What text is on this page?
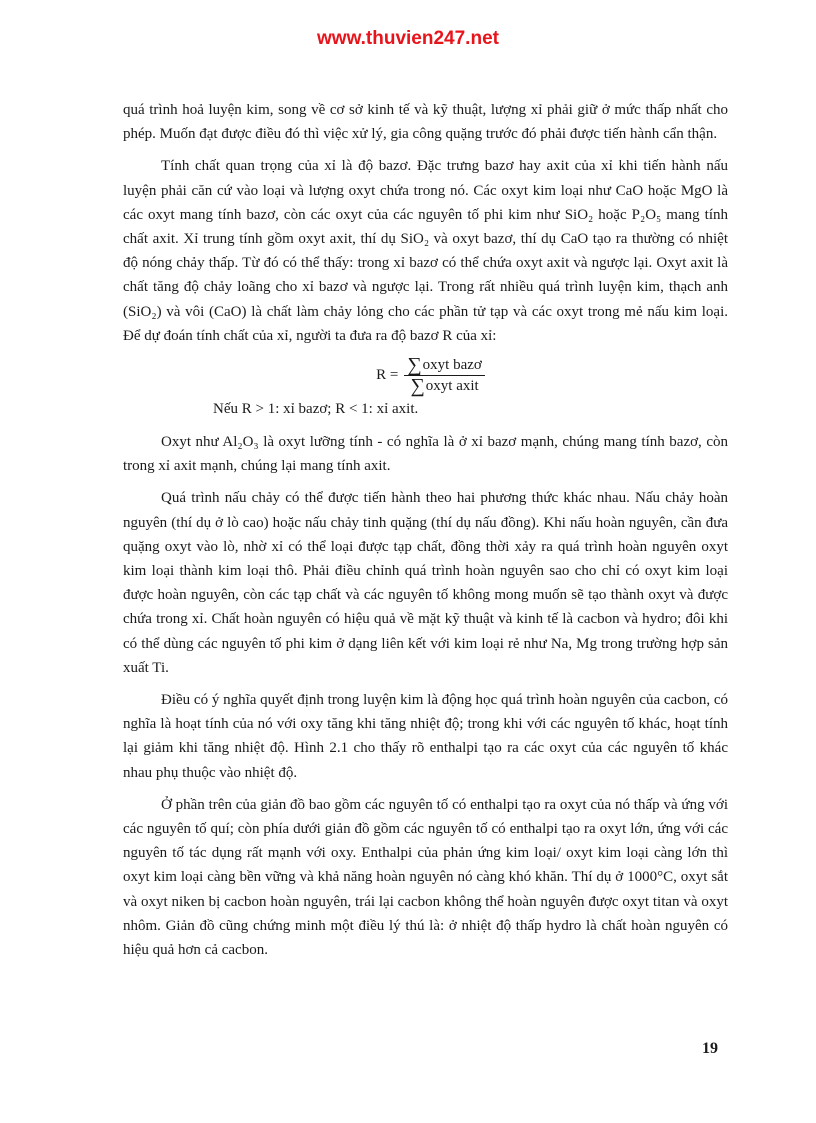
www.thuvien247.net

quá trình hoả luyện kim, song về cơ sở kinh tế và kỹ thuật, lượng xỉ phải giữ ở mức thấp nhất cho phép. Muốn đạt được điều đó thì việc xử lý, gia công quặng trước đó phải được tiến hành cẩn thận.

Tính chất quan trọng của xỉ là độ bazơ. Đặc trưng bazơ hay axit của xỉ khi tiến hành nấu luyện phải căn cứ vào loại và lượng oxyt chứa trong nó. Các oxyt kim loại như CaO hoặc MgO là các oxyt mang tính bazơ, còn các oxyt của các nguyên tố phi kim như SiO₂ hoặc P₂O₅ mang tính chất axit. Xỉ trung tính gồm oxyt axit, thí dụ SiO₂ và oxyt bazơ, thí dụ CaO tạo ra thường có nhiệt độ nóng chảy thấp. Từ đó có thể thấy: trong xỉ bazơ có thể chứa oxyt axit và ngược lại. Oxyt axit là chất tăng độ chảy loãng cho xỉ bazơ và ngược lại. Trong rất nhiều quá trình luyện kim, thạch anh (SiO₂) và vôi (CaO) là chất làm chảy lỏng cho các phần tử tạp và các oxyt trong mẻ nấu kim loại. Để dự đoán tính chất của xỉ, người ta đưa ra độ bazơ R của xỉ:

$R = \frac{\text{∑oxyt bazơ}}{\text{∑oxyt axit}}$
Nếu R > 1: xỉ bazơ; R < 1: xỉ axit.

Oxyt như Al₂O₃ là oxyt lưỡng tính - có nghĩa là ở xỉ bazơ mạnh, chúng mang tính bazơ, còn trong xỉ axit mạnh, chúng lại mang tính axit.

Quá trình nấu chảy có thể được tiến hành theo hai phương thức khác nhau. Nấu chảy hoàn nguyên (thí dụ ở lò cao) hoặc nấu chảy tinh quặng (thí dụ nấu đồng). Khi nấu hoàn nguyên, cần đưa quặng oxyt vào lò, nhờ xỉ có thể loại được tạp chất, đồng thời xảy ra quá trình hoàn nguyên oxyt kim loại thành kim loại thô. Phải điều chỉnh quá trình hoàn nguyên sao cho chỉ có oxyt kim loại được hoàn nguyên, còn các tạp chất và các nguyên tố không mong muốn sẽ tạo thành oxyt và được chứa trong xỉ. Chất hoàn nguyên có hiệu quả về mặt kỹ thuật và kinh tế là cacbon và hydro; đôi khi có thể dùng các nguyên tố phi kim ở dạng liên kết với kim loại rẻ như Na, Mg trong trường hợp sản xuất Ti.

Điều có ý nghĩa quyết định trong luyện kim là động học quá trình hoàn nguyên của cacbon, có nghĩa là hoạt tính của nó với oxy tăng khi tăng nhiệt độ; trong khi với các nguyên tố khác, hoạt tính lại giảm khi tăng nhiệt độ. Hình 2.1 cho thấy rõ enthalpi tạo ra các oxyt của các nguyên tố khác nhau phụ thuộc vào nhiệt độ.

Ở phần trên của giản đồ bao gồm các nguyên tố có enthalpi tạo ra oxyt của nó thấp và ứng với các nguyên tố quí; còn phía dưới giản đồ gồm các nguyên tố có enthalpi tạo ra oxyt lớn, ứng với các nguyên tố tác dụng rất mạnh với oxy. Enthalpi của phản ứng kim loại/ oxyt kim loại càng lớn thì oxyt kim loại càng bền vững và khả năng hoàn nguyên nó càng khó khăn. Thí dụ ở 1000°C, oxyt sắt và oxyt niken bị cacbon hoàn nguyên, trái lại cacbon không thể hoàn nguyên được oxyt titan và oxyt nhôm. Giản đồ cũng chứng minh một điều lý thú là: ở nhiệt độ thấp hydro là chất hoàn nguyên có hiệu quả hơn cả cacbon.

19
